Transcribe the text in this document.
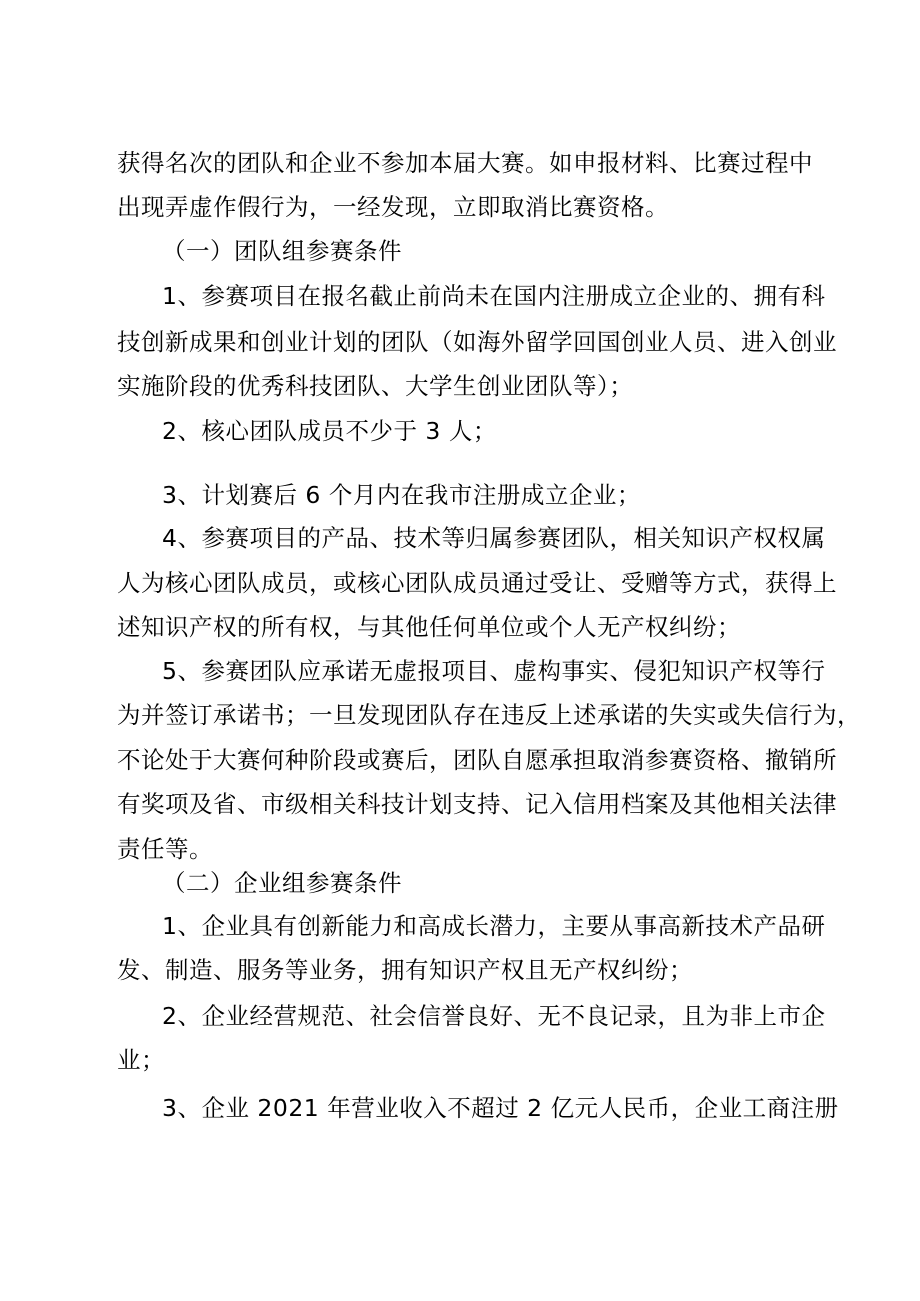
获得名次的团队和企业不参加本届大赛。如申报材料、比赛过程中
出现弄虚作假行为，一经发现，立即取消比赛资格。
（一）团队组参赛条件
1、参赛项目在报名截止前尚未在国内注册成立企业的、拥有科
技创新成果和创业计划的团队（如海外留学回国创业人员、进入创业
实施阶段的优秀科技团队、大学生创业团队等）；
2、核心团队成员不少于 3 人；
3、计划赛后 6 个月内在我市注册成立企业；
4、参赛项目的产品、技术等归属参赛团队，相关知识产权权属
人为核心团队成员，或核心团队成员通过受让、受赠等方式，获得上
述知识产权的所有权，与其他任何单位或个人无产权纠纷；
5、参赛团队应承诺无虚报项目、虚构事实、侵犯知识产权等行
为并签订承诺书；一旦发现团队存在违反上述承诺的失实或失信行为，
不论处于大赛何种阶段或赛后，团队自愿承担取消参赛资格、撤销所
有奖项及省、市级相关科技计划支持、记入信用档案及其他相关法律
责任等。
（二）企业组参赛条件
1、企业具有创新能力和高成长潜力，主要从事高新技术产品研
发、制造、服务等业务，拥有知识产权且无产权纠纷；
2、企业经营规范、社会信誉良好、无不良记录，且为非上市企
业；
3、企业 2021 年营业收入不超过 2 亿元人民币，企业工商注册
